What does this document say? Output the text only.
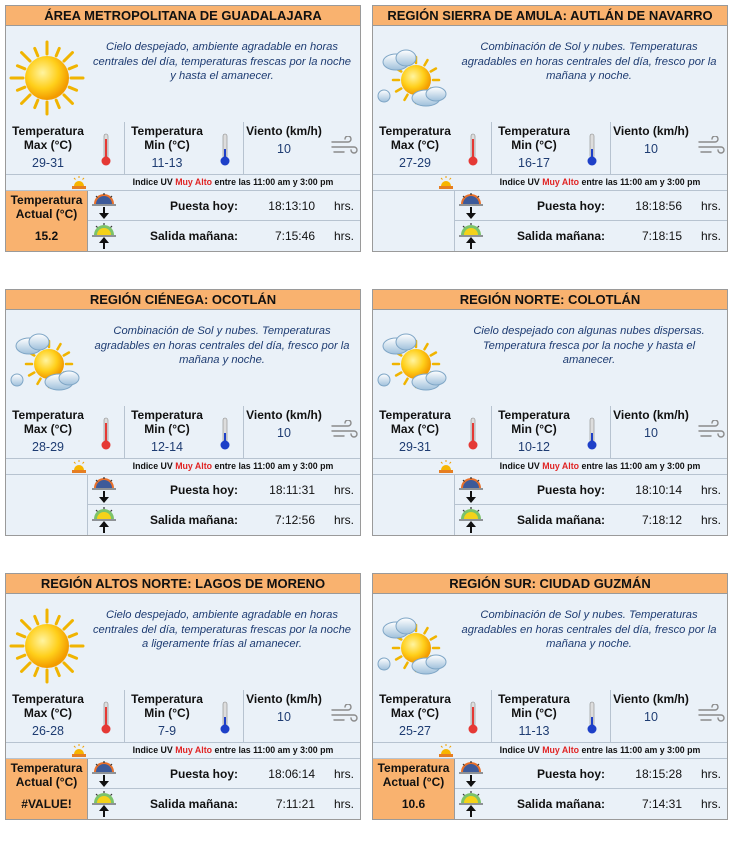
ÁREA METROPOLITANA DE GUADALAJARA
Cielo despejado, ambiente agradable en horas centrales del día, temperaturas frescas por la noche y hasta el amanecer.
Temperatura Max (°C)
29-31
Temperatura Min (°C)
11-13
Viento (km/h)
10
Indice UV Muy Alto entre las 11:00 am y 3:00 pm
Temperatura Actual (°C)
15.2
Puesta hoy:	18:13:10 hrs.
Salida mañana:	7:15:46 hrs.
REGIÓN SIERRA DE AMULA: AUTLÁN DE NAVARRO
Combinación de Sol y nubes. Temperaturas agradables en horas centrales del día, fresco por la mañana y noche.
Temperatura Max (°C)
27-29
Temperatura Min (°C)
16-17
Viento (km/h)
10
Indice UV Muy Alto entre las 11:00 am y 3:00 pm
Puesta hoy:	18:18:56 hrs.
Salida mañana:	7:18:15 hrs.
REGIÓN CIÉNEGA: OCOTLÁN
Combinación de Sol y nubes. Temperaturas agradables en horas centrales del día, fresco por la mañana y noche.
Temperatura Max (°C)
28-29
Temperatura Min (°C)
12-14
Viento (km/h)
10
Indice UV Muy Alto entre las 11:00 am y 3:00 pm
Puesta hoy:	18:11:31 hrs.
Salida mañana:	7:12:56 hrs.
REGIÓN NORTE: COLOTLÁN
Cielo despejado con algunas nubes dispersas. Temperatura fresca por la noche y hasta el amanecer.
Temperatura Max (°C)
29-31
Temperatura Min (°C)
10-12
Viento (km/h)
10
Indice UV Muy Alto entre las 11:00 am y 3:00 pm
Puesta hoy:	18:10:14 hrs.
Salida mañana:	7:18:12 hrs.
REGIÓN ALTOS NORTE: LAGOS DE MORENO
Cielo despejado, ambiente agradable en horas centrales del día, temperaturas frescas por la noche a ligeramente frías al amanecer.
Temperatura Max (°C)
26-28
Temperatura Min (°C)
7-9
Viento (km/h)
10
Indice UV Muy Alto entre las 11:00 am y 3:00 pm
Temperatura Actual (°C)
#VALUE!
Puesta hoy:	18:06:14 hrs.
Salida mañana:	7:11:21 hrs.
REGIÓN SUR: CIUDAD GUZMÁN
Combinación de Sol y nubes. Temperaturas agradables en horas centrales del día, fresco por la mañana y noche.
Temperatura Max (°C)
25-27
Temperatura Min (°C)
11-13
Viento (km/h)
10
Indice UV Muy Alto entre las 11:00 am y 3:00 pm
Temperatura Actual (°C)
10.6
Puesta hoy:	18:15:28 hrs.
Salida mañana:	7:14:31 hrs.
